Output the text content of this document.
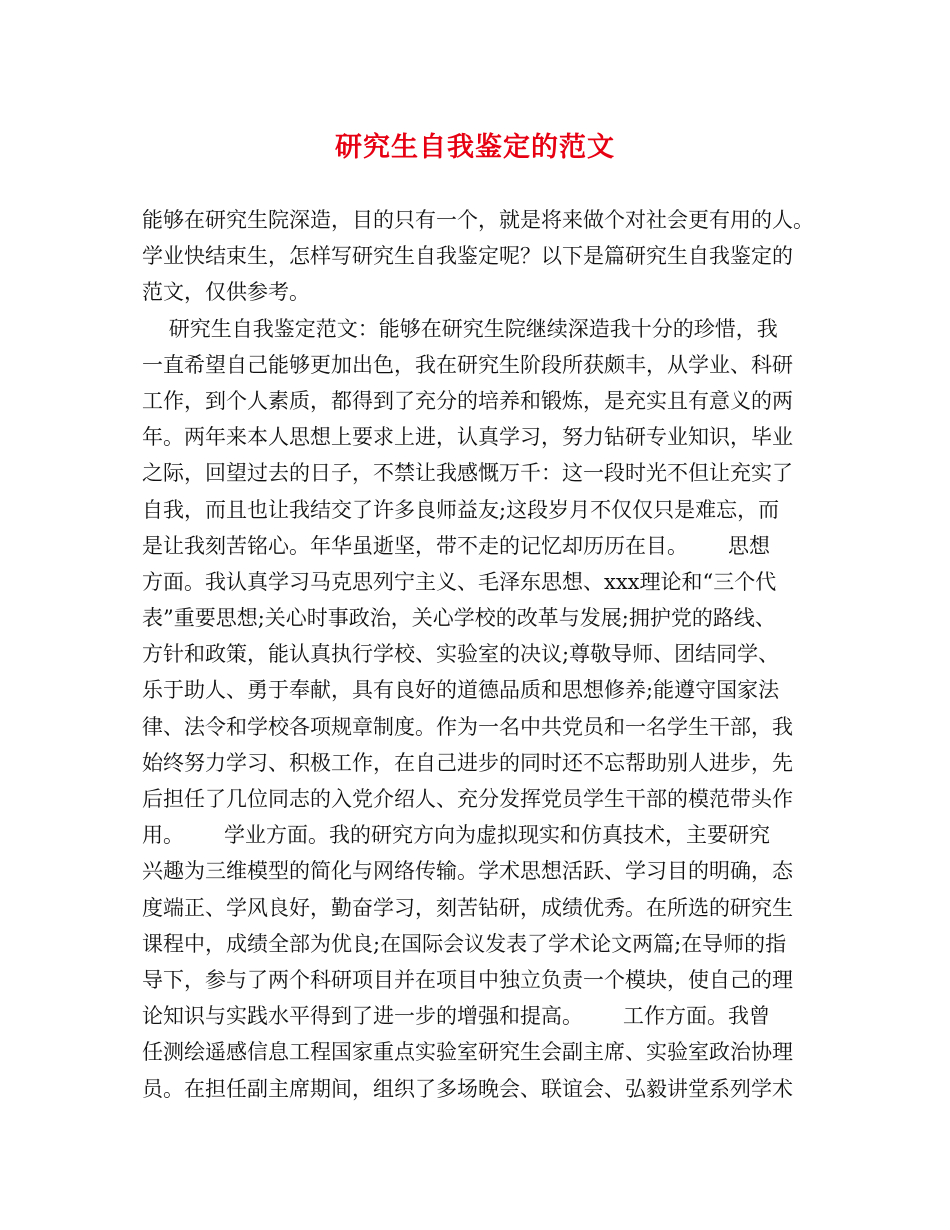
研究生自我鉴定的范文
能够在研究生院深造，目的只有一个，就是将来做个对社会更有用的人。
学业快结束生，怎样写研究生自我鉴定呢？以下是篇研究生自我鉴定的
范文，仅供参考。
研究生自我鉴定范文：能够在研究生院继续深造我十分的珍惜，我
一直希望自己能够更加出色，我在研究生阶段所获颇丰，从学业、科研
工作，到个人素质，都得到了充分的培养和锻炼，是充实且有意义的两
年。两年来本人思想上要求上进，认真学习，努力钻研专业知识，毕业
之际，回望过去的日子，不禁让我感慨万千：这一段时光不但让充实了
自我，而且也让我结交了许多良师益友;这段岁月不仅仅只是难忘，而
是让我刻苦铭心。年华虽逝坚，带不走的记忆却历历在目。      思想
方面。我认真学习马克思列宁主义、毛泽东思想、xxx理论和“三个代
表”重要思想;关心时事政治，关心学校的改革与发展;拥护党的路线、
方针和政策，能认真执行学校、实验室的决议;尊敬导师、团结同学、
乐于助人、勇于奉献，具有良好的道德品质和思想修养;能遵守国家法
律、法令和学校各项规章制度。作为一名中共党员和一名学生干部，我
始终努力学习、积极工作，在自己进步的同时还不忘帮助别人进步，先
后担任了几位同志的入党介绍人、充分发挥党员学生干部的模范带头作
用。      学业方面。我的研究方向为虚拟现实和仿真技术，主要研究
兴趣为三维模型的简化与网络传输。学术思想活跃、学习目的明确，态
度端正、学风良好，勤奋学习，刻苦钻研，成绩优秀。在所选的研究生
课程中，成绩全部为优良;在国际会议发表了学术论文两篇;在导师的指
导下，参与了两个科研项目并在项目中独立负责一个模块，使自己的理
论知识与实践水平得到了进一步的增强和提高。      工作方面。我曾
任测绘遥感信息工程国家重点实验室研究生会副主席、实验室政治协理
员。在担任副主席期间，组织了多场晚会、联谊会、弘毅讲堂系列学术
